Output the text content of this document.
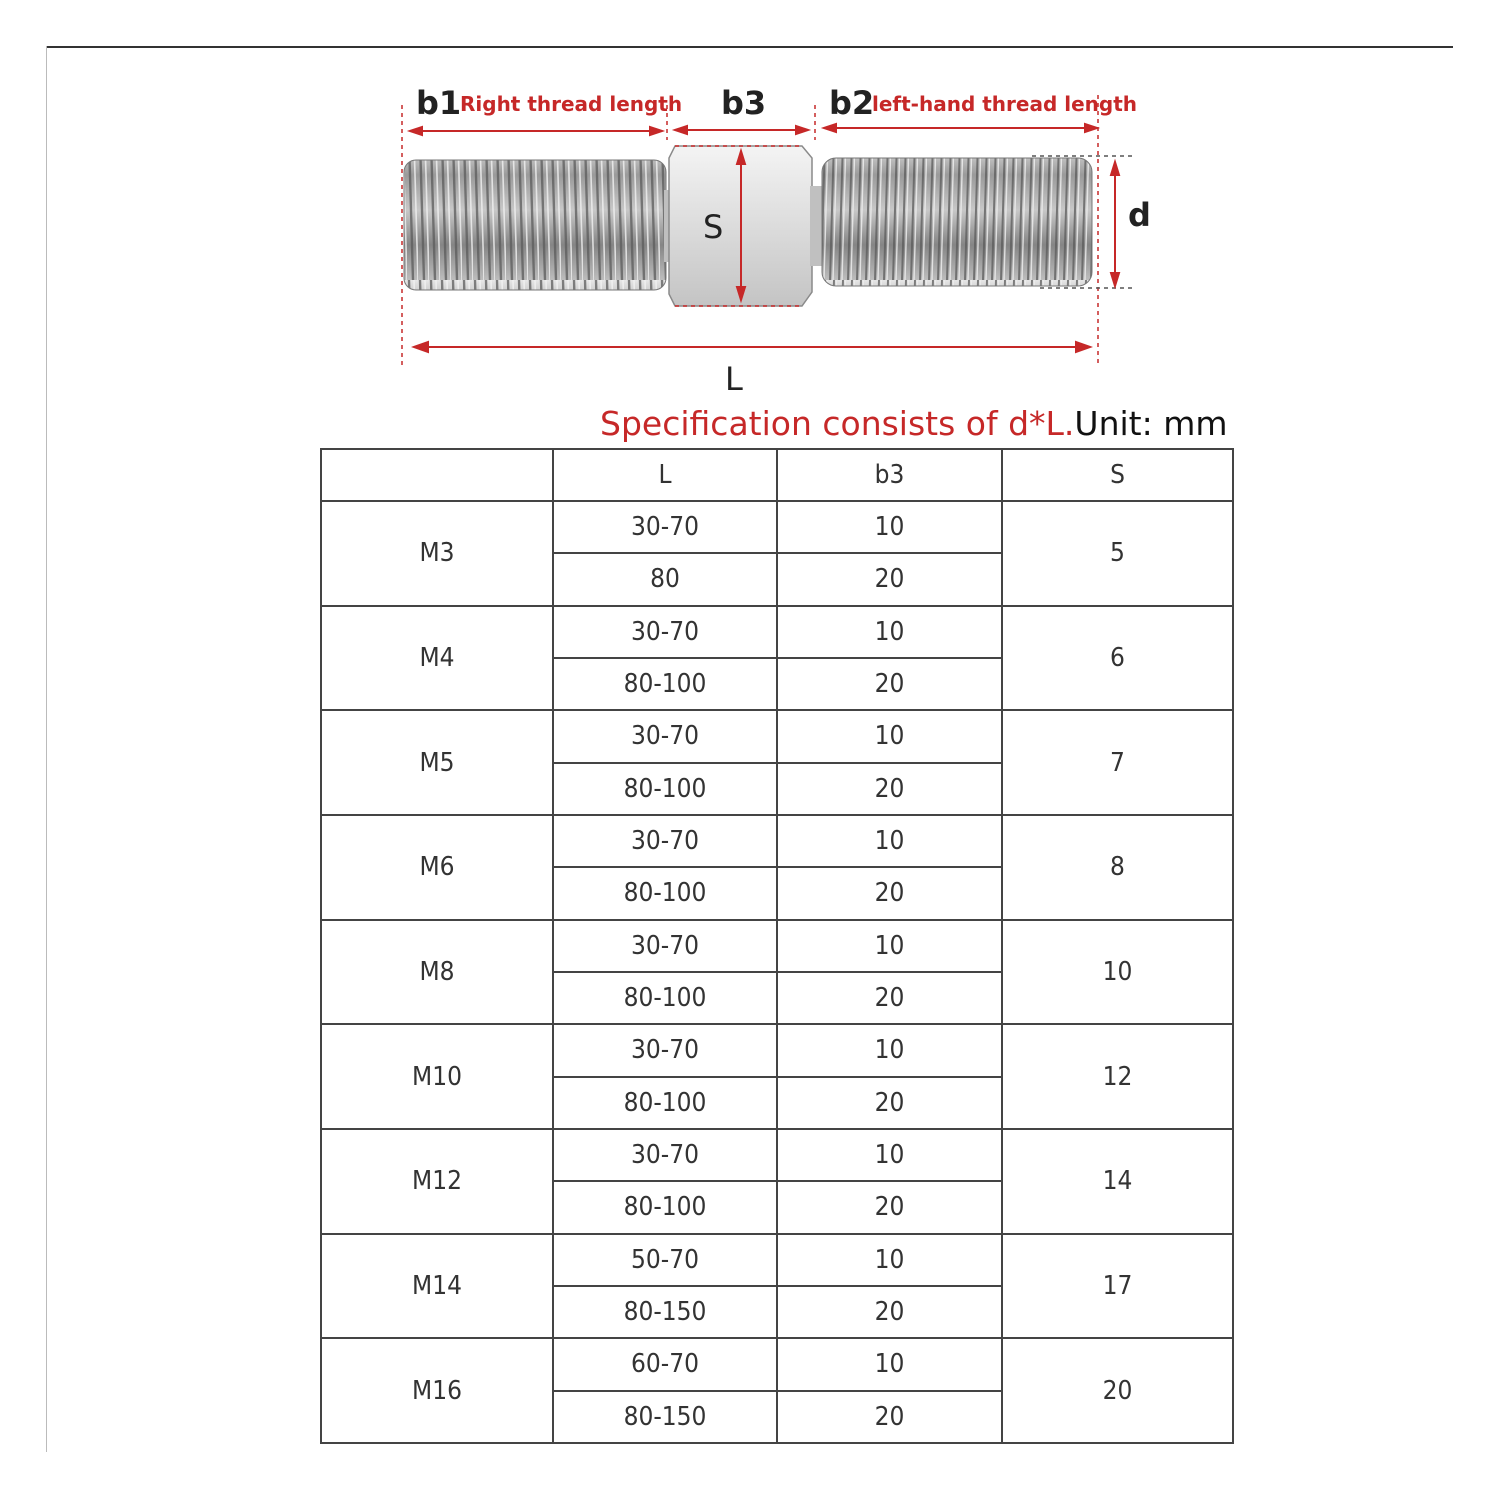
b1
Right thread length b3 b2
left-hand thread length
S	d
L
Specification consists of d*L.Unit: mm
	L	b3	S
M3	30-70	10	5
	80	20	
M4	30-70	10	6
	80-100	20	
M5	30-70	10	7
	80-100	20	
M6	30-70	10	8
	80-100	20	
M8	30-70	10	10
	80-100	20	
M10	30-70	10	12
	80-100	20	
M12	30-70	10	14
	80-100	20	
M14	50-70	10	17
	80-150	20	
M16	60-70	10	20
	80-150	20	
